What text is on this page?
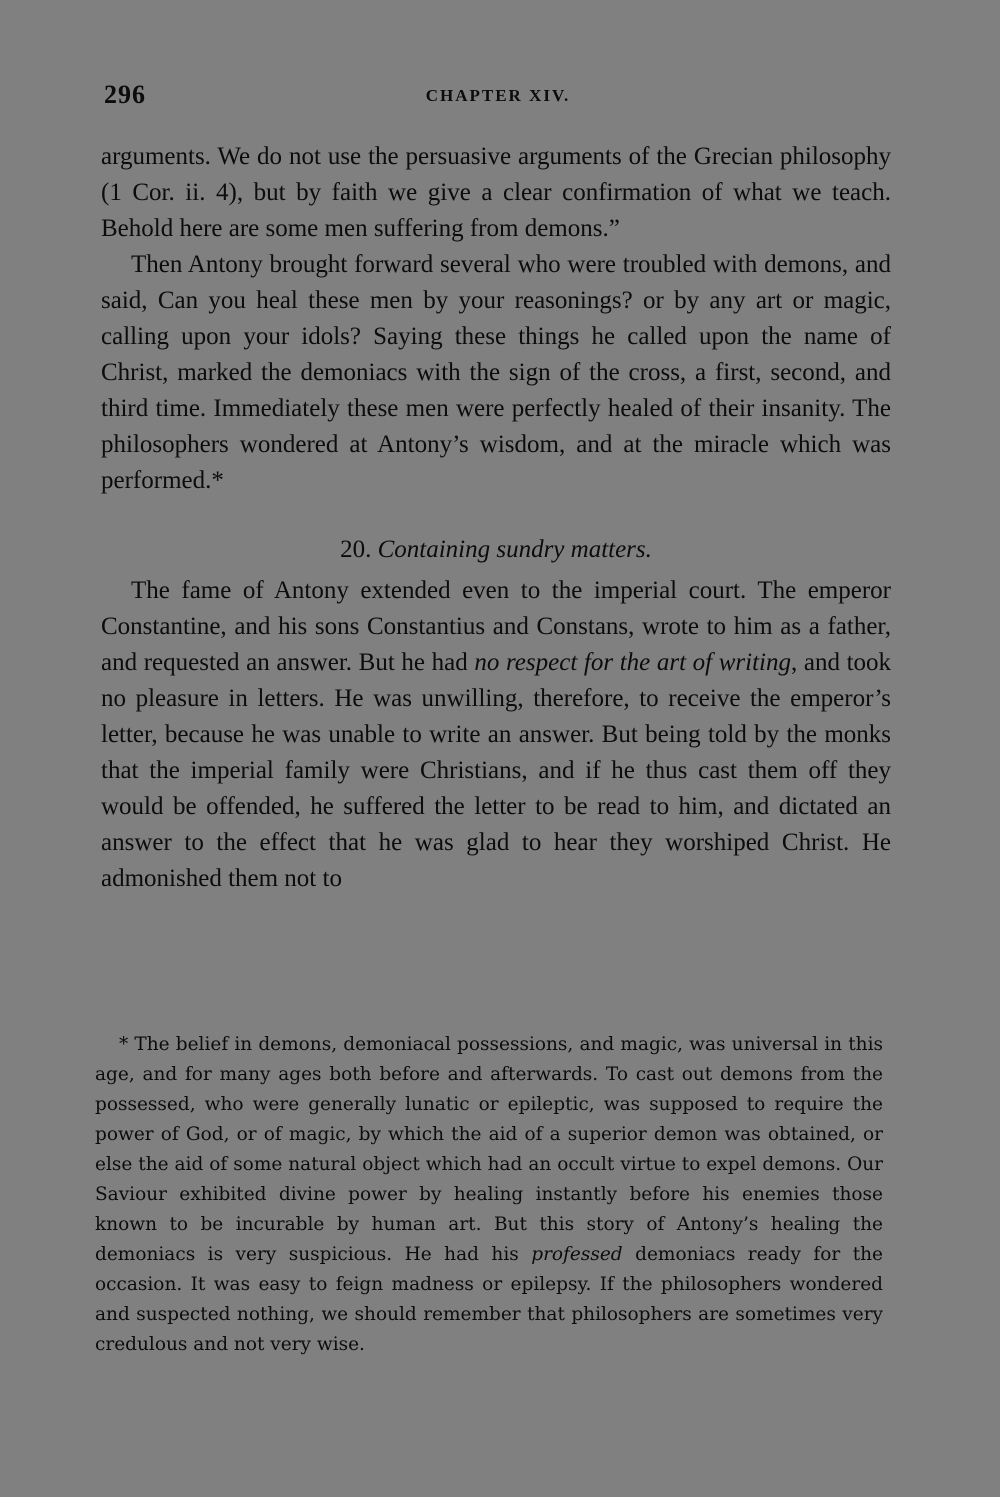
296	CHAPTER XIV.

arguments. We do not use the persuasive arguments of the Grecian philosophy (1 Cor. ii. 4), but by faith we give a clear confirmation of what we teach. Behold here are some men suffering from demons.”

Then Antony brought forward several who were troubled with demons, and said, Can you heal these men by your reasonings? or by any art or magic, calling upon your idols? Saying these things he called upon the name of Christ, marked the demoniacs with the sign of the cross, a first, second, and third time. Immediately these men were perfectly healed of their insanity. The philosophers wondered at Antony’s wisdom, and at the miracle which was performed.*

20. Containing sundry matters.

The fame of Antony extended even to the imperial court. The emperor Constantine, and his sons Constantius and Constans, wrote to him as a father, and requested an answer. But he had no respect for the art of writing, and took no pleasure in letters. He was unwilling, therefore, to receive the emperor’s letter, because he was unable to write an answer. But being told by the monks that the imperial family were Christians, and if he thus cast them off they would be offended, he suffered the letter to be read to him, and dictated an answer to the effect that he was glad to hear they worshiped Christ. He admonished them not to

* The belief in demons, demoniacal possessions, and magic, was universal in this age, and for many ages both before and afterwards. To cast out demons from the possessed, who were generally lunatic or epileptic, was supposed to require the power of God, or of magic, by which the aid of a superior demon was obtained, or else the aid of some natural object which had an occult virtue to expel demons. Our Saviour exhibited divine power by healing instantly before his enemies those known to be incurable by human art. But this story of Antony’s healing the demoniacs is very suspicious. He had his professed demoniacs ready for the occasion. It was easy to feign madness or epilepsy. If the philosophers wondered and suspected nothing, we should remember that philosophers are sometimes very credulous and not very wise.
